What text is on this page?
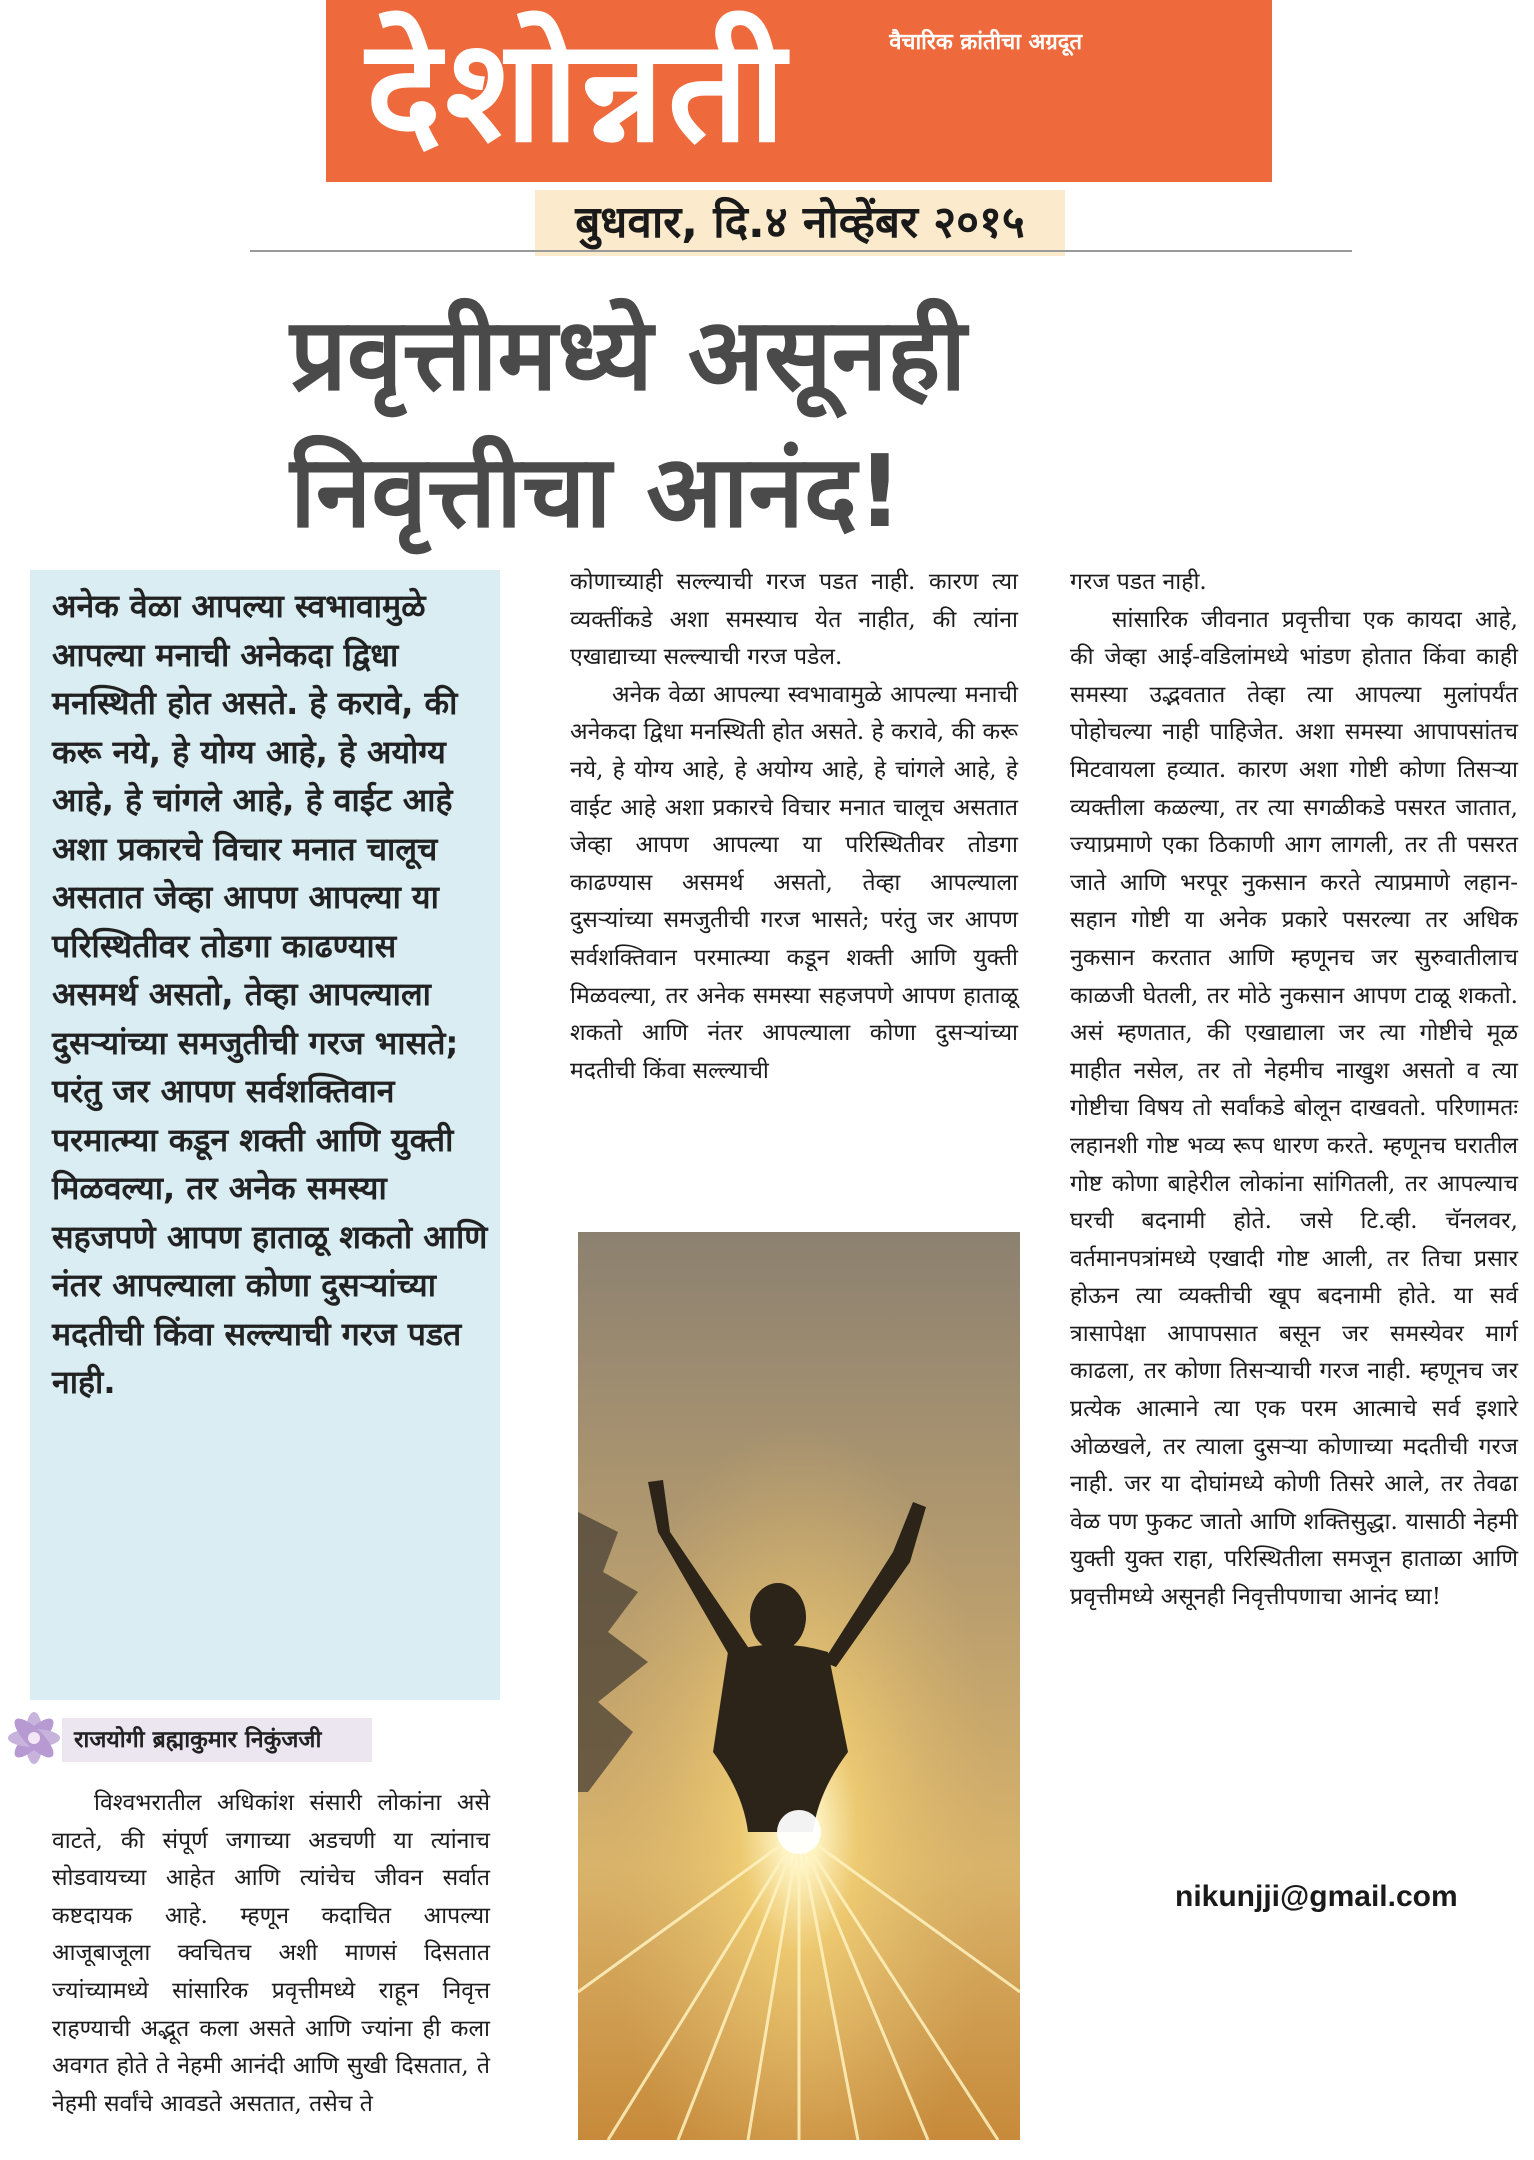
देशोन्नती	वैचारिक क्रांतीचा अग्रदूत
बुधवार, दि.४ नोव्हेंबर २०१५
प्रवृत्तीमध्ये असूनही
निवृत्तीचा आनंद!

अनेक वेळा आपल्या स्वभावामुळे आपल्या मनाची अनेकदा द्विधा मनस्थिती होत असते. हे करावे, की करू नये, हे योग्य आहे, हे अयोग्य आहे, हे चांगले आहे, हे वाईट आहे अशा प्रकारचे विचार मनात चालूच असतात जेव्हा आपण आपल्या या परिस्थितीवर तोडगा काढण्यास असमर्थ असतो, तेव्हा आपल्याला दुसऱ्यांच्या समजुतीची गरज भासते; परंतु जर आपण सर्वशक्तिवान परमात्म्या कडून शक्ती आणि युक्ती मिळवल्या, तर अनेक समस्या सहजपणे आपण हाताळू शकतो आणि नंतर आपल्याला कोणा दुसऱ्यांच्या मदतीची किंवा सल्ल्याची गरज पडत नाही.

राजयोगी ब्रह्माकुमार निकुंजजी

विश्वभरातील अधिकांश संसारी लोकांना असे वाटते, की संपूर्ण जगाच्या अडचणी या त्यांनाच सोडवायच्या आहेत आणि त्यांचेच जीवन सर्वात कष्टदायक आहे. म्हणून कदाचित आपल्या आजूबाजूला क्वचितच अशी माणसं दिसतात ज्यांच्यामध्ये सांसारिक प्रवृत्तीमध्ये राहून निवृत्त राहण्याची अद्भूत कला असते आणि ज्यांना ही कला अवगत होते ते नेहमी आनंदी आणि सुखी दिसतात, ते नेहमी सर्वांचे आवडते असतात, तसेच ते

कोणाच्याही सल्ल्याची गरज पडत नाही. कारण त्या व्यक्तींकडे अशा समस्याच येत नाहीत, की त्यांना एखाद्याच्या सल्ल्याची गरज पडेल.

अनेक वेळा आपल्या स्वभावामुळे आपल्या मनाची अनेकदा द्विधा मनस्थिती होत असते. हे करावे, की करू नये, हे योग्य आहे, हे अयोग्य आहे, हे चांगले आहे, हे वाईट आहे अशा प्रकारचे विचार मनात चालूच असतात जेव्हा आपण आपल्या या परिस्थितीवर तोडगा काढण्यास असमर्थ असतो, तेव्हा आपल्याला दुसऱ्यांच्या समजुतीची गरज भासते; परंतु जर आपण सर्वशक्तिवान परमात्म्या कडून शक्ती आणि युक्ती मिळवल्या, तर अनेक समस्या सहजपणे आपण हाताळू शकतो आणि नंतर आपल्याला कोणा दुसऱ्यांच्या मदतीची किंवा सल्ल्याची

गरज पडत नाही.

सांसारिक जीवनात प्रवृत्तीचा एक कायदा आहे, की जेव्हा आई-वडिलांमध्ये भांडण होतात किंवा काही समस्या उद्भवतात तेव्हा त्या आपल्या मुलांपर्यंत पोहोचल्या नाही पाहिजेत. अशा समस्या आपापसांतच मिटवायला हव्यात. कारण अशा गोष्टी कोणा तिसऱ्या व्यक्तीला कळल्या, तर त्या सगळीकडे पसरत जातात, ज्याप्रमाणे एका ठिकाणी आग लागली, तर ती पसरत जाते आणि भरपूर नुकसान करते त्याप्रमाणे लहान-सहान गोष्टी या अनेक प्रकारे पसरल्या तर अधिक नुकसान करतात आणि म्हणूनच जर सुरुवातीलाच काळजी घेतली, तर मोठे नुकसान आपण टाळू शकतो. असं म्हणतात, की एखाद्याला जर त्या गोष्टीचे मूळ माहीत नसेल, तर तो नेहमीच नाखुश असतो व त्या गोष्टीचा विषय तो सर्वांकडे बोलून दाखवतो. परिणामतः लहानशी गोष्ट भव्य रूप धारण करते. म्हणूनच घरातील गोष्ट कोणा बाहेरील लोकांना सांगितली, तर आपल्याच घरची बदनामी होते. जसे टि.व्ही. चॅनलवर, वर्तमानपत्रांमध्ये एखादी गोष्ट आली, तर तिचा प्रसार होऊन त्या व्यक्तीची खूप बदनामी होते. या सर्व त्रासापेक्षा आपापसात बसून जर समस्येवर मार्ग काढला, तर कोणा तिसऱ्याची गरज नाही. म्हणूनच जर प्रत्येक आत्माने त्या एक परम आत्माचे सर्व इशारे ओळखले, तर त्याला दुसऱ्या कोणाच्या मदतीची गरज नाही. जर या दोघांमध्ये कोणी तिसरे आले, तर तेवढा वेळ पण फुकट जातो आणि शक्तिसुद्धा. यासाठी नेहमी युक्ती युक्त राहा, परिस्थितीला समजून हाताळा आणि प्रवृत्तीमध्ये असूनही निवृत्तीपणाचा आनंद घ्या!

nikunjji@gmail.com
